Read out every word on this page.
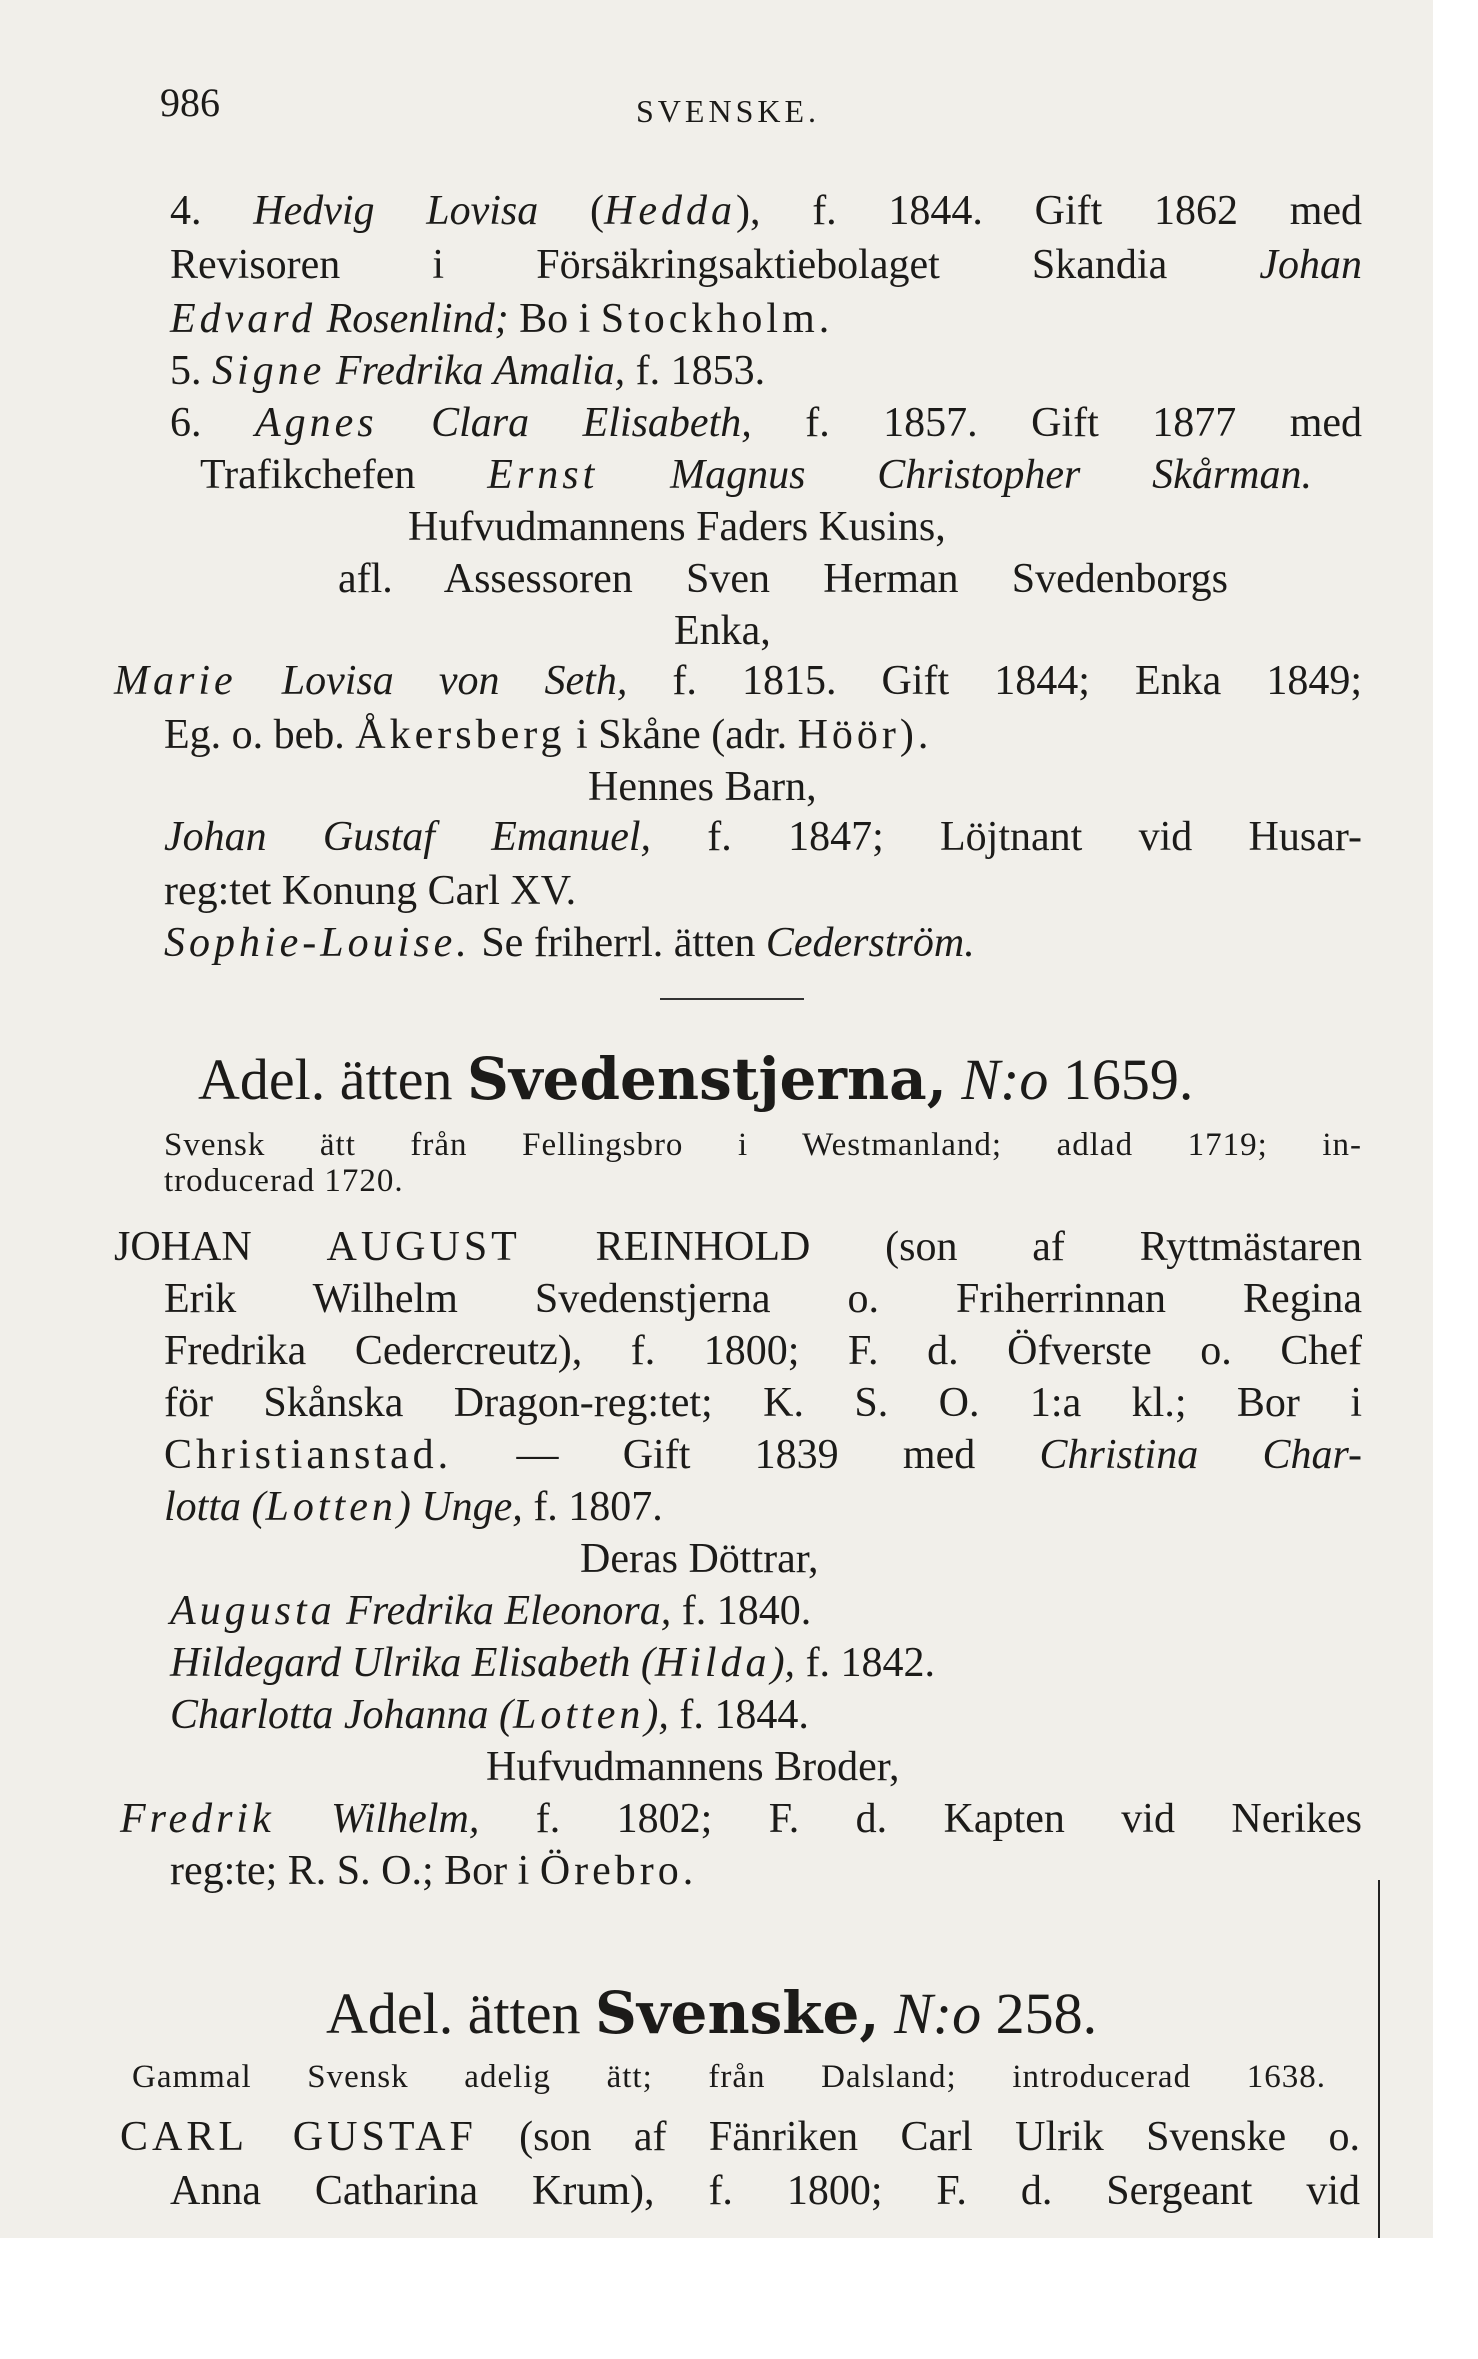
986	SVENSKE.
4. Hedvig Lovisa (Hedda), f. 1844. Gift 1862 med
Revisoren i Försäkringsaktiebolaget Skandia Johan
Edvard Rosenlind; Bo i Stockholm.
5. Signe Fredrika Amalia, f. 1853.
6. Agnes Clara Elisabeth, f. 1857. Gift 1877 med
Trafikchefen Ernst Magnus Christopher Skårman.
Hufvudmannens Faders Kusins,
afl. Assessoren Sven Herman Svedenborgs
Enka,
Marie Lovisa von Seth, f. 1815. Gift 1844; Enka 1849;
Eg. o. beb. Åkersberg i Skåne (adr. Höör).
Hennes Barn,
Johan Gustaf Emanuel, f. 1847; Löjtnant vid Husar-
reg:tet Konung Carl XV.
Sophie-Louise. Se friherrl. ätten Cederström.
Adel. ätten Svedenstjerna, N:o 1659.
Svensk ätt från Fellingsbro i Westmanland; adlad 1719; in-
troducerad 1720.
JOHAN AUGUST REINHOLD (son af Ryttmästaren
Erik Wilhelm Svedenstjerna o. Friherrinnan Regina
Fredrika Cedercreutz), f. 1800; F. d. Öfverste o. Chef
för Skånska Dragon-reg:tet; K. S. O. 1:a kl.; Bor i
Christianstad. — Gift 1839 med Christina Char-
lotta (Lotten) Unge, f. 1807.
Deras Döttrar,
Augusta Fredrika Eleonora, f. 1840.
Hildegard Ulrika Elisabeth (Hilda), f. 1842.
Charlotta Johanna (Lotten), f. 1844.
Hufvudmannens Broder,
Fredrik Wilhelm, f. 1802; F. d. Kapten vid Nerikes
reg:te; R. S. O.; Bor i Örebro.
Adel. ätten Svenske, N:o 258.
Gammal Svensk adelig ätt; från Dalsland; introducerad 1638.
CARL GUSTAF (son af Fänriken Carl Ulrik Svenske o.
Anna Catharina Krum), f. 1800; F. d. Sergeant vid
